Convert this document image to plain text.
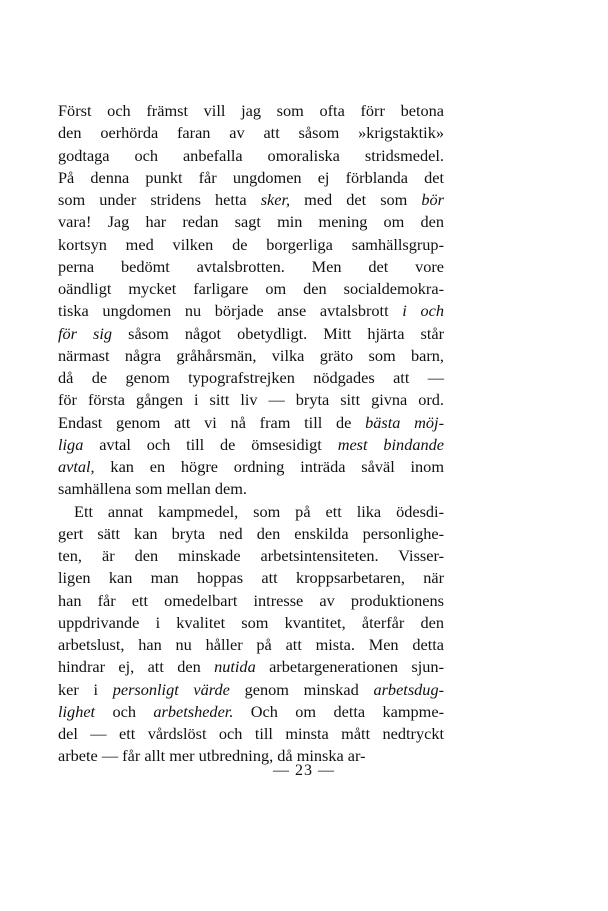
Först och främst vill jag som ofta förr betona
den oerhörda faran av att såsom »krigstaktik»
godtaga och anbefalla omoraliska stridsmedel.
På denna punkt får ungdomen ej förblanda det
som under stridens hetta sker, med det som bör
vara! Jag har redan sagt min mening om den
kortsyn med vilken de borgerliga samhällsgrup-
perna bedömt avtalsbrotten. Men det vore
oändligt mycket farligare om den socialdemokra-
tiska ungdomen nu började anse avtalsbrott i och
för sig såsom något obetydligt. Mitt hjärta står
närmast några gråhårsmän, vilka gräto som barn,
då de genom typografstrejken nödgades att —
för första gången i sitt liv — bryta sitt givna ord.
Endast genom att vi nå fram till de bästa möj-
liga avtal och till de ömsesidigt mest bindande
avtal, kan en högre ordning inträda såväl inom
samhällena som mellan dem.
Ett annat kampmedel, som på ett lika ödesdi-
gert sätt kan bryta ned den enskilda personlighe-
ten, är den minskade arbetsintensiteten. Visser-
ligen kan man hoppas att kroppsarbetaren, när
han får ett omedelbart intresse av produktionens
uppdrivande i kvalitet som kvantitet, återfår den
arbetslust, han nu håller på att mista. Men detta
hindrar ej, att den nutida arbetargenerationen sjun-
ker i personligt värde genom minskad arbetsdug-
lighet och arbetsheder. Och om detta kampme-
del — ett vårdslöst och till minsta mått nedtryckt
arbete — får allt mer utbredning, då minska ar-
— 23 —
